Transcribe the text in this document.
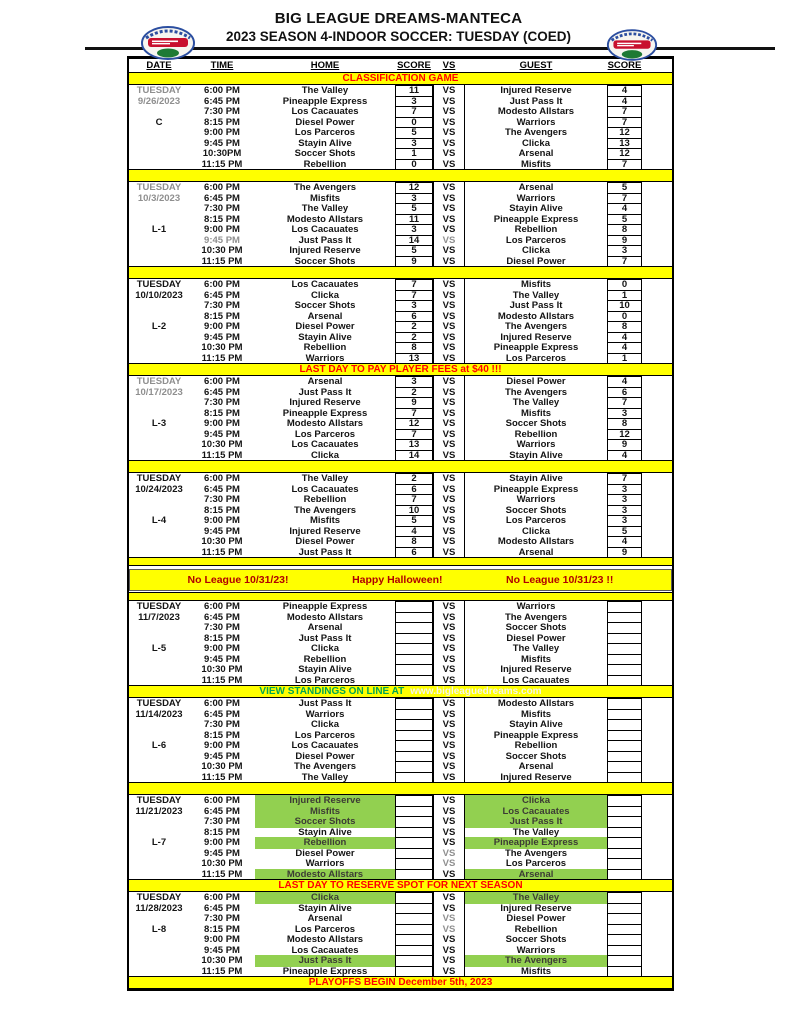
BIG LEAGUE DREAMS-MANTECA
2023 SEASON 4-INDOOR SOCCER: TUESDAY (COED)
DATE	TIME	HOME	SCORE	VS	GUEST	SCORE
CLASSIFICATION GAME
TUESDAY	6:00 PM	The Valley	11	VS	Injured Reserve	4
9/26/2023	6:45 PM	Pineapple Express	3	VS	Just Pass It	4
7:30 PM	Los Cacauates	7	VS	Modesto Allstars	7
C	8:15 PM	Diesel Power	0	VS	Warriors	7
9:00 PM	Los Parceros	5	VS	The Avengers	12
9:45 PM	Stayin Alive	3	VS	Clicka	13
10:30PM	Soccer Shots	1	VS	Arsenal	12
11:15 PM	Rebellion	0	VS	Misfits	7
TUESDAY	6:00 PM	The Avengers	12	VS	Arsenal	5
10/3/2023	6:45 PM	Misfits	3	VS	Warriors	7
7:30 PM	The Valley	5	VS	Stayin Alive	4
8:15 PM	Modesto Allstars	11	VS	Pineapple Express	5
L-1	9:00 PM	Los Cacauates	3	VS	Rebellion	8
9:45 PM	Just Pass It	14	VS	Los Parceros	9
10:30 PM	Injured Reserve	5	VS	Clicka	3
11:15 PM	Soccer Shots	9	VS	Diesel Power	7
TUESDAY	6:00 PM	Los Cacauates	7	VS	Misfits	0
10/10/2023	6:45 PM	Clicka	7	VS	The Valley	1
7:30 PM	Soccer Shots	3	VS	Just Pass It	10
8:15 PM	Arsenal	6	VS	Modesto Allstars	0
L-2	9:00 PM	Diesel Power	2	VS	The Avengers	8
9:45 PM	Stayin Alive	2	VS	Injured Reserve	4
10:30 PM	Rebellion	8	VS	Pineapple Express	4
11:15 PM	Warriors	13	VS	Los Parceros	1
LAST DAY TO PAY PLAYER FEES at $40 !!!
TUESDAY	6:00 PM	Arsenal	3	VS	Diesel Power	4
10/17/2023	6:45 PM	Just Pass It	2	VS	The Avengers	6
7:30 PM	Injured Reserve	9	VS	The Valley	7
8:15 PM	Pineapple Express	7	VS	Misfits	3
L-3	9:00 PM	Modesto Allstars	12	VS	Soccer Shots	8
9:45 PM	Los Parceros	7	VS	Rebellion	12
10:30 PM	Los Cacauates	13	VS	Warriors	9
11:15 PM	Clicka	14	VS	Stayin Alive	4
TUESDAY	6:00 PM	The Valley	2	VS	Stayin Alive	7
10/24/2023	6:45 PM	Los Cacauates	6	VS	Pineapple Express	3
7:30 PM	Rebellion	7	VS	Warriors	3
8:15 PM	The Avengers	10	VS	Soccer Shots	3
L-4	9:00 PM	Misfits	5	VS	Los Parceros	3
9:45 PM	Injured Reserve	4	VS	Clicka	5
10:30 PM	Diesel Power	8	VS	Modesto Allstars	4
11:15 PM	Just Pass It	6	VS	Arsenal	9
No League 10/31/23!	Happy Halloween!	No League 10/31/23 !!
TUESDAY	6:00 PM	Pineapple Express	VS	Warriors
11/7/2023	6:45 PM	Modesto Allstars	VS	The Avengers
7:30 PM	Arsenal	VS	Soccer Shots
8:15 PM	Just Pass It	VS	Diesel Power
L-5	9:00 PM	Clicka	VS	The Valley
9:45 PM	Rebellion	VS	Misfits
10:30 PM	Stayin Alive	VS	Injured Reserve
11:15 PM	Los Parceros	VS	Los Cacauates
VIEW STANDINGS ON LINE AT www.bigleaguedreams.com
TUESDAY	6:00 PM	Just Pass It	VS	Modesto Allstars
11/14/2023	6:45 PM	Warriors	VS	Misfits
7:30 PM	Clicka	VS	Stayin Alive
8:15 PM	Los Parceros	VS	Pineapple Express
L-6	9:00 PM	Los Cacauates	VS	Rebellion
9:45 PM	Diesel Power	VS	Soccer Shots
10:30 PM	The Avengers	VS	Arsenal
11:15 PM	The Valley	VS	Injured Reserve
TUESDAY	6:00 PM	Injured Reserve	VS	Clicka
11/21/2023	6:45 PM	Misfits	VS	Los Cacauates
7:30 PM	Soccer Shots	VS	Just Pass It
8:15 PM	Stayin Alive	VS	The Valley
L-7	9:00 PM	Rebellion	VS	Pineapple Express
9:45 PM	Diesel Power	VS	The Avengers
10:30 PM	Warriors	VS	Los Parceros
11:15 PM	Modesto Allstars	VS	Arsenal
LAST DAY TO RESERVE SPOT FOR NEXT SEASON
TUESDAY	6:00 PM	Clicka	VS	The Valley
11/28/2023	6:45 PM	Stayin Alive	VS	Injured Reserve
7:30 PM	Arsenal	VS	Diesel Power
L-8	8:15 PM	Los Parceros	VS	Rebellion
9:00 PM	Modesto Allstars	VS	Soccer Shots
9:45 PM	Los Cacauates	VS	Warriors
10:30 PM	Just Pass It	VS	The Avengers
11:15 PM	Pineapple Express	VS	Misfits
PLAYOFFS BEGIN December 5th, 2023
